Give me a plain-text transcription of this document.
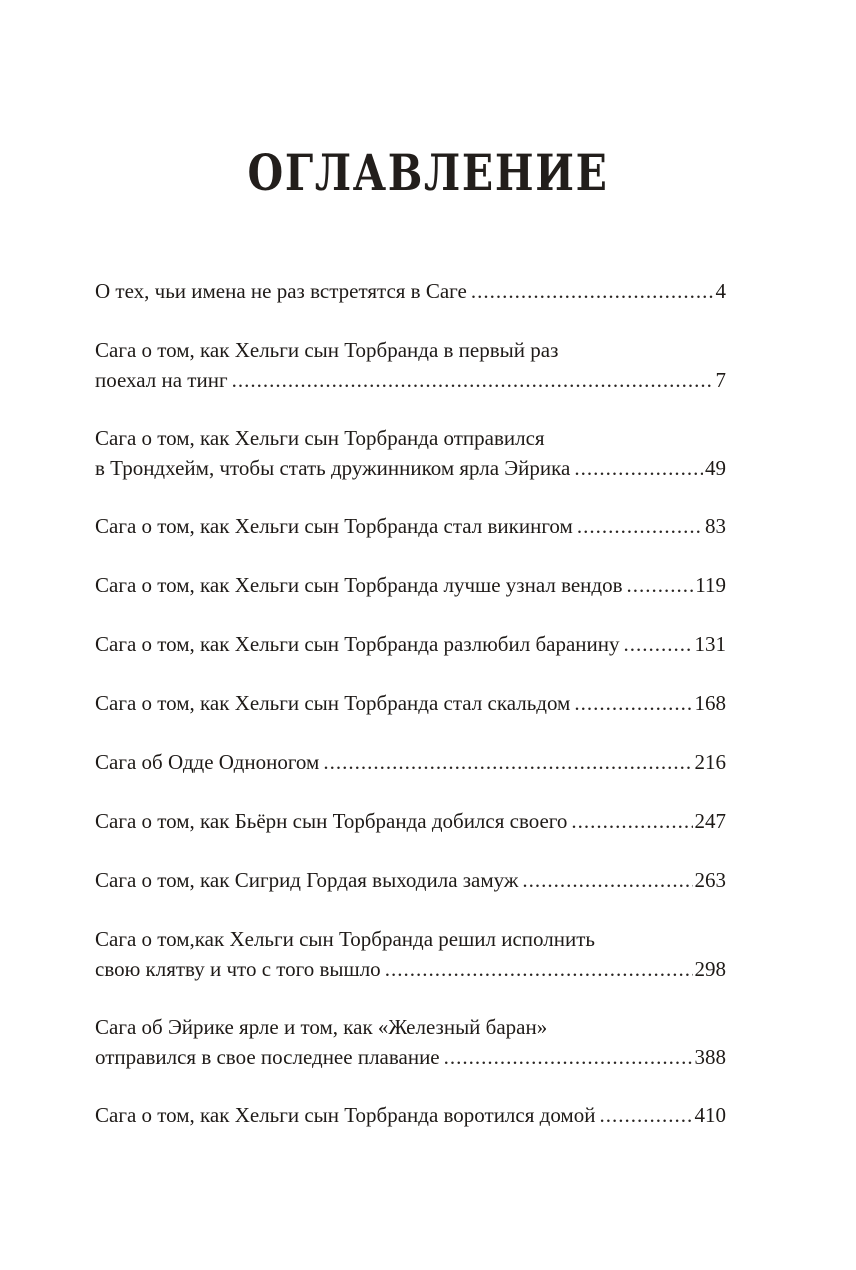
ОГЛАВЛЕНИЕ
О тех, чьи имена не раз встретятся в Саге .....	4
Сага о том, как Хельги сын Торбранда в первый раз
поехал на тинг .....	7
Сага о том, как Хельги сын Торбранда отправился
в Трондхейм, чтобы стать дружинником ярла Эйрика .....	49
Сага о том, как Хельги сын Торбранда стал викингом .....	83
Сага о том, как Хельги сын Торбранда лучше узнал вендов .....	119
Сага о том, как Хельги сын Торбранда разлюбил баранину .....	131
Сага о том, как Хельги сын Торбранда стал скальдом .....	168
Сага об Одде Одноногом .....	216
Сага о том, как Бьёрн сын Торбранда добился своего .....	247
Сага о том, как Сигрид Гордая выходила замуж .....	263
Сага о том,как Хельги сын Торбранда решил исполнить
свою клятву и что с того вышло .....	298
Сага об Эйрике ярле и том, как «Железный баран»
отправился в свое последнее плавание .....	388
Сага о том, как Хельги сын Торбранда воротился домой .....	410
